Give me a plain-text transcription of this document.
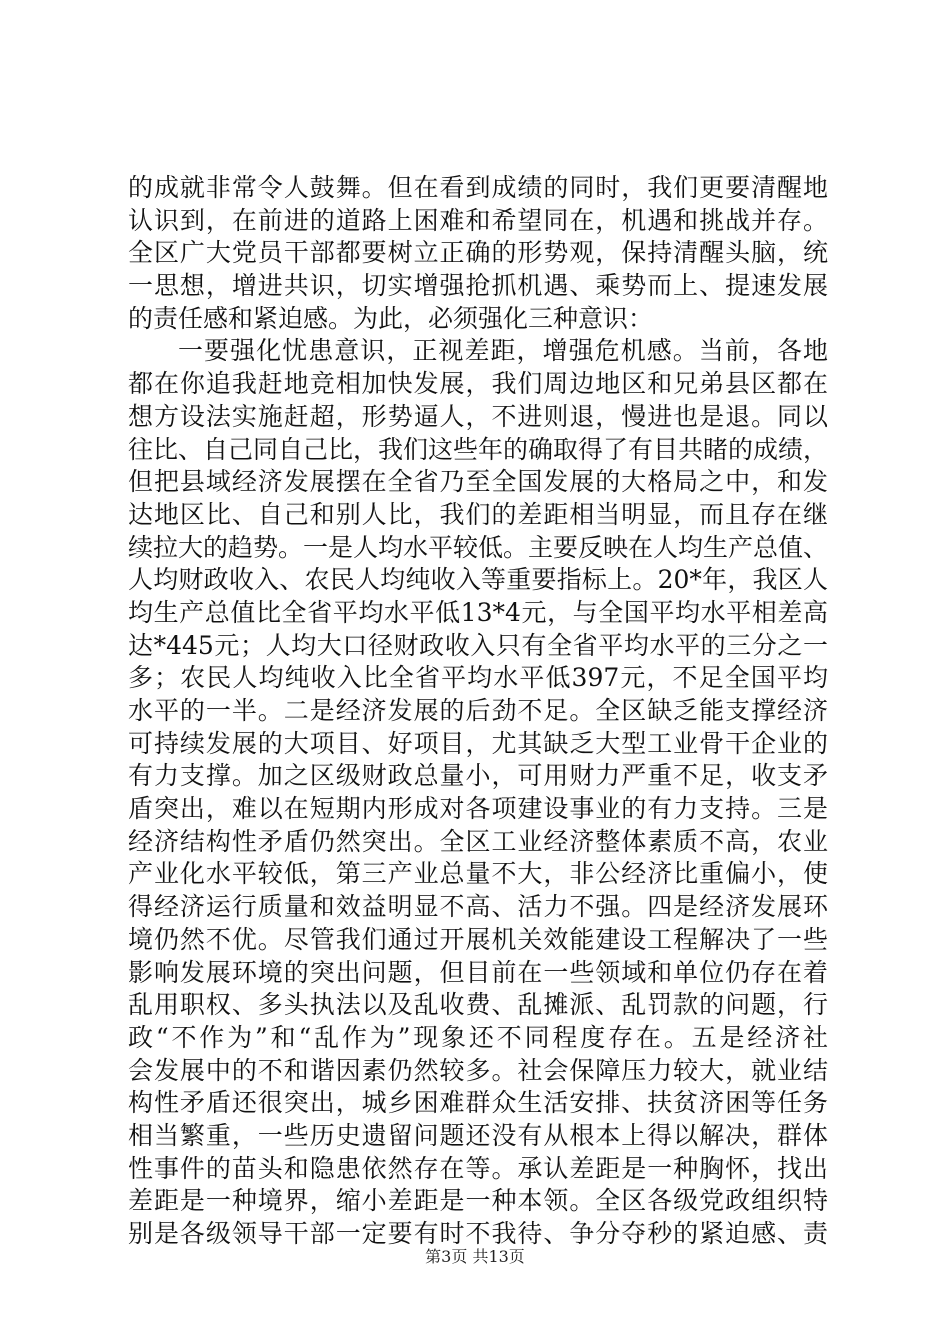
的成就非常令人鼓舞。但在看到成绩的同时，我们更要清醒地
认识到，在前进的道路上困难和希望同在，机遇和挑战并存。
全区广大党员干部都要树立正确的形势观，保持清醒头脑，统
一思想，增进共识，切实增强抢抓机遇、乘势而上、提速发展
的责任感和紧迫感。为此，必须强化三种意识：
一要强化忧患意识，正视差距，增强危机感。当前，各地
都在你追我赶地竞相加快发展，我们周边地区和兄弟县区都在
想方设法实施赶超，形势逼人，不进则退，慢进也是退。同以
往比、自己同自己比，我们这些年的确取得了有目共睹的成绩，
但把县域经济发展摆在全省乃至全国发展的大格局之中，和发
达地区比、自己和别人比，我们的差距相当明显，而且存在继
续拉大的趋势。一是人均水平较低。主要反映在人均生产总值、
人均财政收入、农民人均纯收入等重要指标上。20*年，我区人
均生产总值比全省平均水平低13*4元，与全国平均水平相差高
达*445元；人均大口径财政收入只有全省平均水平的三分之一
多；农民人均纯收入比全省平均水平低397元，不足全国平均
水平的一半。二是经济发展的后劲不足。全区缺乏能支撑经济
可持续发展的大项目、好项目，尤其缺乏大型工业骨干企业的
有力支撑。加之区级财政总量小，可用财力严重不足，收支矛
盾突出，难以在短期内形成对各项建设事业的有力支持。三是
经济结构性矛盾仍然突出。全区工业经济整体素质不高，农业
产业化水平较低，第三产业总量不大，非公经济比重偏小，使
得经济运行质量和效益明显不高、活力不强。四是经济发展环
境仍然不优。尽管我们通过开展机关效能建设工程解决了一些
影响发展环境的突出问题，但目前在一些领域和单位仍存在着
乱用职权、多头执法以及乱收费、乱摊派、乱罚款的问题，行
政“不作为”和“乱作为”现象还不同程度存在。五是经济社
会发展中的不和谐因素仍然较多。社会保障压力较大，就业结
构性矛盾还很突出，城乡困难群众生活安排、扶贫济困等任务
相当繁重，一些历史遗留问题还没有从根本上得以解决，群体
性事件的苗头和隐患依然存在等。承认差距是一种胸怀，找出
差距是一种境界，缩小差距是一种本领。全区各级党政组织特
别是各级领导干部一定要有时不我待、争分夺秒的紧迫感、责
第3页 共13页
